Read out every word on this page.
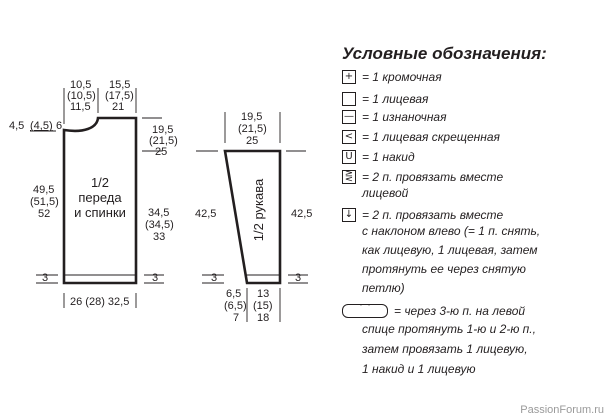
10,5
(10,5)
11,5
15,5
(17,5)
21
4,5 (4,5) 6	19,5
(21,5)
25
49,5
(51,5)
52	34,5
(34,5)
33
1/2
переда
и спинки
3	3
26 (28) 32,5
19,5
(21,5)
25
42,5	42,5
1/2 рукава
3	3
6,5
(6,5)
7
13
(15)
18
Условные обозначения:
+ = 1 кромочная
= 1 лицевая
— = 1 изнаночная
< = 1 лицевая скрещенная
U = 1 накид
⋛ = 2 п. провязать вместе
лицевой
↓ = 2 п. провязать вместе
с наклоном влево (= 1 п. снять,
как лицевую, 1 лицевая, затем
протянуть ее через снятую
петлю)
⌒	= через 3-ю п. на левой
спице протянуть 1-ю и 2-ю п.,
затем провязать 1 лицевую,
1 накид и 1 лицевую
PassionForum.ru
